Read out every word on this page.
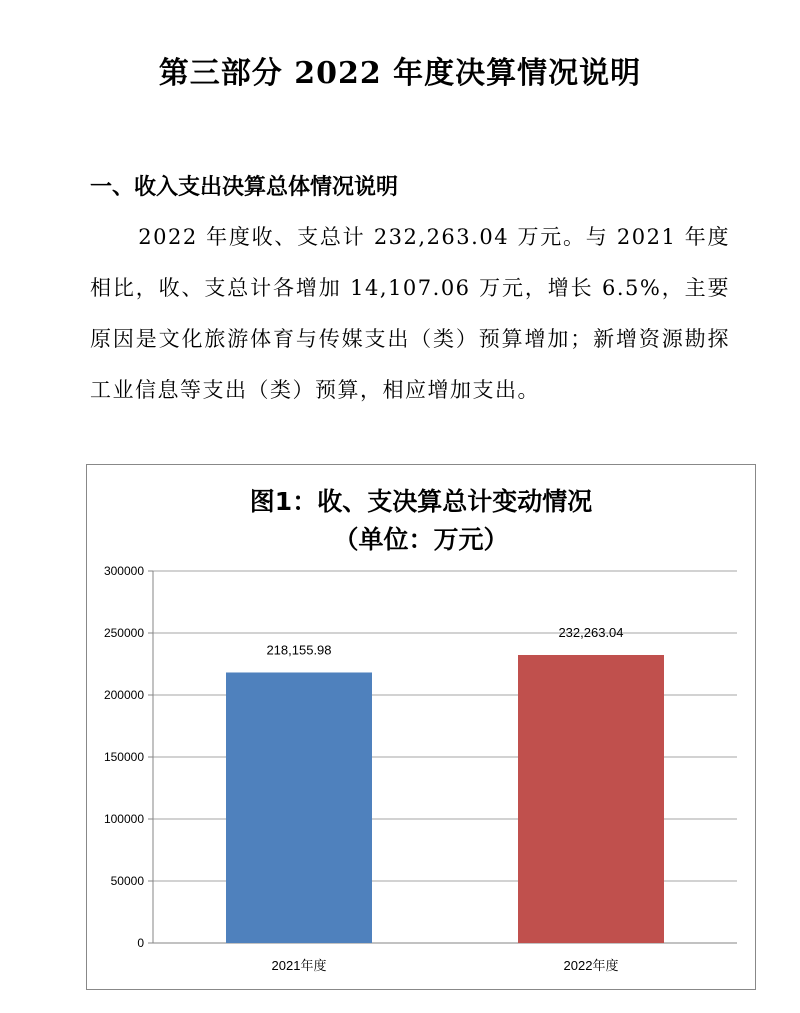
第三部分 2022 年度决算情况说明
一、收入支出决算总体情况说明
2022 年度收、支总计 232,263.04 万元。与 2021 年度相比，收、支总计各增加 14,107.06 万元，增长 6.5%，主要原因是文化旅游体育与传媒支出（类）预算增加；新增资源勘探工业信息等支出（类）预算，相应增加支出。
图1：收、支决算总计变动情况
（单位：万元）
0
50000
100000
150000
200000
250000
300000
218,155.98
2021年度
232,263.04
2022年度
